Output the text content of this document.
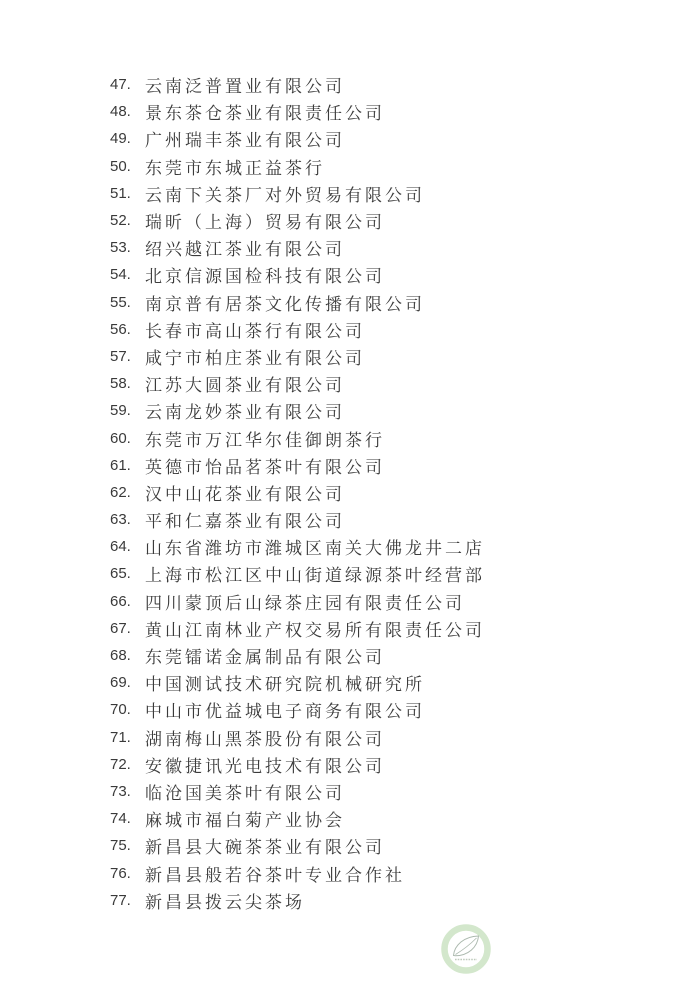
47. 云南泛普置业有限公司
48. 景东茶仓茶业有限责任公司
49. 广州瑞丰茶业有限公司
50. 东莞市东城正益茶行
51. 云南下关茶厂对外贸易有限公司
52. 瑞昕（上海）贸易有限公司
53. 绍兴越江茶业有限公司
54. 北京信源国检科技有限公司
55. 南京普有居茶文化传播有限公司
56. 长春市高山茶行有限公司
57. 咸宁市柏庄茶业有限公司
58. 江苏大圆茶业有限公司
59. 云南龙妙茶业有限公司
60. 东莞市万江华尔佳御朗茶行
61. 英德市怡品茗茶叶有限公司
62. 汉中山花茶业有限公司
63. 平和仁嘉茶业有限公司
64. 山东省潍坊市潍城区南关大佛龙井二店
65. 上海市松江区中山街道绿源茶叶经营部
66. 四川蒙顶后山绿茶庄园有限责任公司
67. 黄山江南林业产权交易所有限责任公司
68. 东莞镭诺金属制品有限公司
69. 中国测试技术研究院机械研究所
70. 中山市优益城电子商务有限公司
71. 湖南梅山黑茶股份有限公司
72. 安徽捷讯光电技术有限公司
73. 临沧国美茶叶有限公司
74. 麻城市福白菊产业协会
75. 新昌县大碗茶茶业有限公司
76. 新昌县般若谷茶叶专业合作社
77. 新昌县拨云尖茶场
